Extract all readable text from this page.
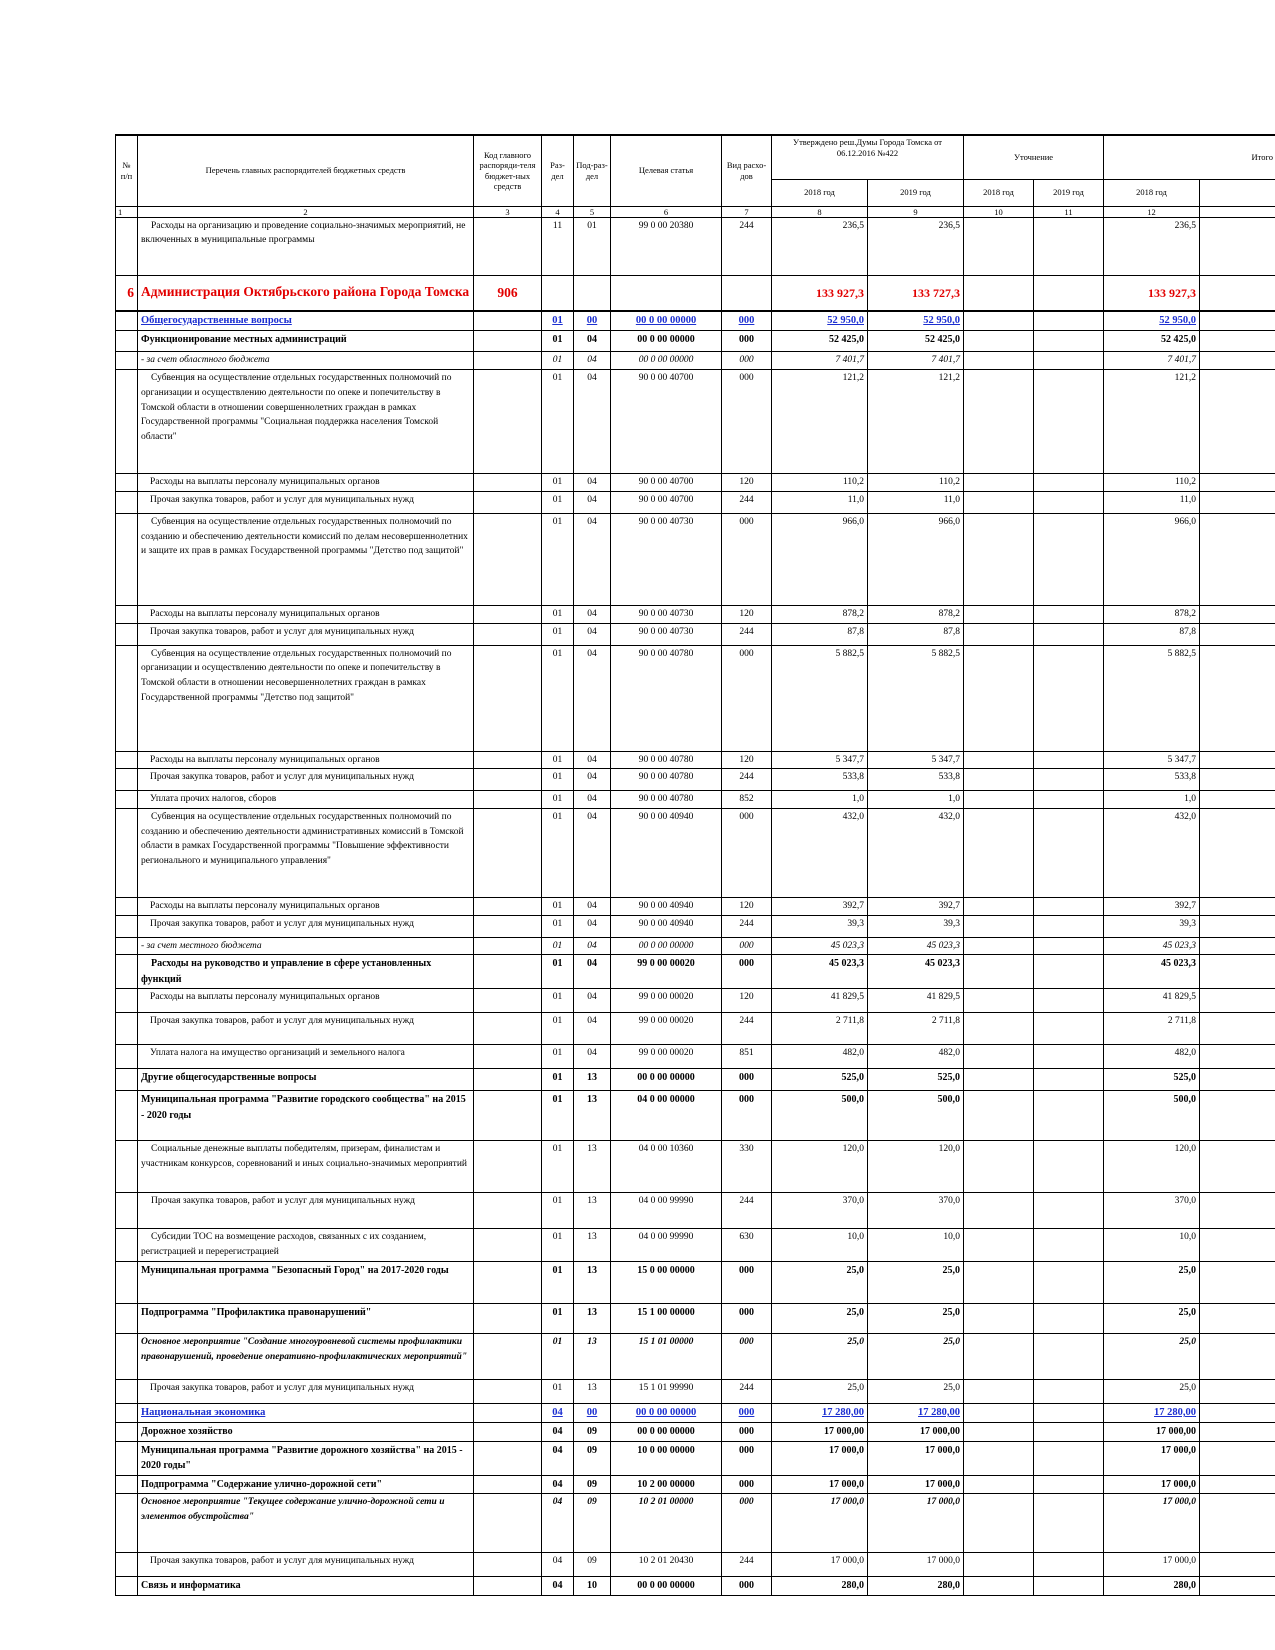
№ п/п	Перечень главных распорядителей бюджетных средств	Код главного распоряди-теля бюджет-ных средств	Раз-дел	Под-раз-дел	Целевая статья	Вид расхо-дов	Утверждено реш.Думы Города Томска от 06.12.2016 №422		Уточнение		Итого	
							2018 год	2019 год	2018 год	2019 год	2018 год	
1	2	3	4	5	6	7	8	9	10	11	12	
	Расходы на организацию и проведение социально-значимых мероприятий, не включенных в муниципальные программы		11	01	99 0 00 20380	244	236,5	236,5			236,5	
6	Администрация Октябрьского района Города Томска	906					133 927,3	133 727,3			133 927,3	
	Общегосударственные вопросы		01	00	00 0 00 00000	000	52 950,0	52 950,0			52 950,0	
	Функционирование местных администраций		01	04	00 0 00 00000	000	52 425,0	52 425,0			52 425,0	
	- за счет областного бюджета		01	04	00 0 00 00000	000	7 401,7	7 401,7			7 401,7	
	Субвенция на осуществление отдельных государственных полномочий по организации и осуществлению деятельности по опеке и попечительству в Томской области в отношении совершеннолетних граждан в рамках Государственной программы "Социальная поддержка населения Томской области"		01	04	90 0 00 40700	000	121,2	121,2			121,2	
	Расходы на выплаты персоналу муниципальных органов		01	04	90 0 00 40700	120	110,2	110,2			110,2	
	Прочая закупка товаров, работ и услуг для муниципальных нужд		01	04	90 0 00 40700	244	11,0	11,0			11,0	
	Субвенция на осуществление отдельных государственных полномочий по созданию и обеспечению деятельности комиссий по делам несовершеннолетних и защите их прав в рамках Государственной программы "Детство под защитой"		01	04	90 0 00 40730	000	966,0	966,0			966,0	
	Расходы на выплаты персоналу муниципальных органов		01	04	90 0 00 40730	120	878,2	878,2			878,2	
	Прочая закупка товаров, работ и услуг для муниципальных нужд		01	04	90 0 00 40730	244	87,8	87,8			87,8	
	Субвенция на осуществление отдельных государственных полномочий по организации и осуществлению деятельности по опеке и попечительству в Томской области в отношении несовершеннолетних граждан в рамках Государственной программы "Детство под защитой"		01	04	90 0 00 40780	000	5 882,5	5 882,5			5 882,5	
	Расходы на выплаты персоналу муниципальных органов		01	04	90 0 00 40780	120	5 347,7	5 347,7			5 347,7	
	Прочая закупка товаров, работ и услуг для муниципальных нужд		01	04	90 0 00 40780	244	533,8	533,8			533,8	
	Уплата прочих налогов, сборов		01	04	90 0 00 40780	852	1,0	1,0			1,0	
	Субвенция на осуществление отдельных государственных полномочий по созданию и обеспечению деятельности административных комиссий в Томской области в рамках Государственной программы "Повышение эффективности регионального и муниципального управления"		01	04	90 0 00 40940	000	432,0	432,0			432,0	
	Расходы на выплаты персоналу муниципальных органов		01	04	90 0 00 40940	120	392,7	392,7			392,7	
	Прочая закупка товаров, работ и услуг для муниципальных нужд		01	04	90 0 00 40940	244	39,3	39,3			39,3	
	- за счет местного бюджета		01	04	00 0 00 00000	000	45 023,3	45 023,3			45 023,3	
	Расходы на руководство и управление в сфере установленных функций		01	04	99 0 00 00020	000	45 023,3	45 023,3			45 023,3	
	Расходы на выплаты персоналу муниципальных органов		01	04	99 0 00 00020	120	41 829,5	41 829,5			41 829,5	
	Прочая закупка товаров, работ и услуг для муниципальных нужд		01	04	99 0 00 00020	244	2 711,8	2 711,8			2 711,8	
	Уплата налога на имущество организаций и земельного налога		01	04	99 0 00 00020	851	482,0	482,0			482,0	
	Другие общегосударственные вопросы		01	13	00 0 00 00000	000	525,0	525,0			525,0	
	Муниципальная программа "Развитие городского сообщества" на 2015 - 2020 годы		01	13	04 0 00 00000	000	500,0	500,0			500,0	
	Социальные денежные выплаты победителям, призерам, финалистам и участникам конкурсов, соревнований и иных социально-значимых мероприятий		01	13	04 0 00 10360	330	120,0	120,0			120,0	
	Прочая закупка товаров, работ и услуг для муниципальных нужд		01	13	04 0 00 99990	244	370,0	370,0			370,0	
	Субсидии ТОС на возмещение расходов, связанных с их созданием, регистрацией и перерегистрацией		01	13	04 0 00 99990	630	10,0	10,0			10,0	
	Муниципальная программа "Безопасный Город" на 2017-2020 годы		01	13	15 0 00 00000	000	25,0	25,0			25,0	
	Подпрограмма "Профилактика правонарушений"		01	13	15 1 00 00000	000	25,0	25,0			25,0	
	Основное мероприятие "Создание многоуровневой системы профилактики правонарушений, проведение оперативно-профилактических мероприятий"		01	13	15 1 01 00000	000	25,0	25,0			25,0	
	Прочая закупка товаров, работ и услуг для муниципальных нужд		01	13	15 1 01 99990	244	25,0	25,0			25,0	
	Национальная экономика		04	00	00 0 00 00000	000	17 280,00	17 280,00			17 280,00	
	Дорожное хозяйство		04	09	00 0 00 00000	000	17 000,00	17 000,00			17 000,00	
	Муниципальная программа "Развитие дорожного хозяйства" на 2015 - 2020 годы"		04	09	10 0 00 00000	000	17 000,0	17 000,0			17 000,0	
	Подпрограмма "Содержание улично-дорожной сети"		04	09	10 2 00 00000	000	17 000,0	17 000,0			17 000,0	
	Основное мероприятие "Текущее содержание улично-дорожной сети и элементов обустройства"		04	09	10 2 01 00000	000	17 000,0	17 000,0			17 000,0	
	Прочая закупка товаров, работ и услуг для муниципальных нужд		04	09	10 2 01 20430	244	17 000,0	17 000,0			17 000,0	
	Связь и информатика		04	10	00 0 00 00000	000	280,0	280,0			280,0	
